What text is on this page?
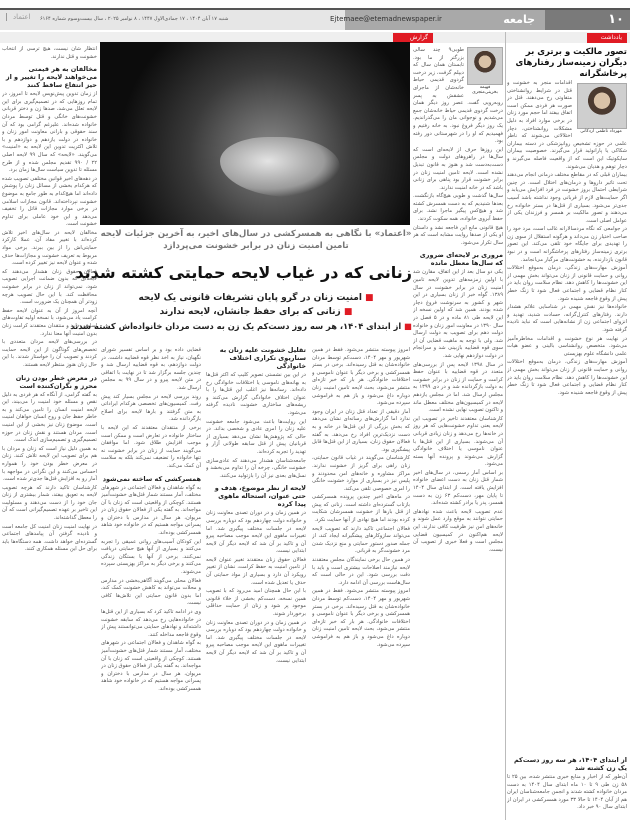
۱۰
جامعه
Ejtemaee@etemadnewspaper.ir
شنبه ۱۷ آبان ۱۴۰۴ ، ۱۷ جمادی‌الاول ۱۴۴۷ ، ۸ نوامبر ۲۰۲۵ ، سال بیست‌وسوم شماره ۶۱۶۴
اعتماد
یادداشت
گزارش
تصور مالکیت و برتری بر دیگران زمینه‌ساز رفتارهای پرخاشگرانه
مهرداد ناظمی اردکانی

اقدامات منجر به خشونت و قتل در شرایط روانشناختی متفاوتی رخ می‌دهند. قتل در صورت هر فردی ممکن است اتفاق بیفتد اما حجم مورد زنان در برخی موارد افراد به دلیل مشکلات روانشناختی، دچار اختلالاتی می‌شوند که ناظر علمی در حوزه تشخیص روانپزشکی در دسته بیماران شکاکی یا پارانوئید قرار می‌گیرند. خصوصیت بیماران سایکوتیک این است که از واقعیت فاصله می‌گیرند و دچار توهم و هذیان می‌شوند.

بیماران قبلی که در مقاطع مختلف درمانی انجام می‌دهند تحت تاثیر داروها و درمان‌های اختلال است. در چنین شرایطی احتمال بروز خشونت در فرد افزایش می‌یابد و اگر حمایت‌های لازم از قربانی وجود نداشته باشد آسیب جدی‌تر می‌شود. بسیاری از قتل‌ها در بستر خانواده رخ می‌دهند و تصور مالکیت بر همسر و فرزندان یکی از عوامل اصلی است.

در جوامعی که نگاه مردسالارانه غالب است، مرد خود را صاحب اختیار زن می‌داند و هرگونه استقلال از سوی زن را تهدیدی برای جایگاه خود تلقی می‌کند. این تصور برتری زمینه‌ساز رفتارهای پرخاشگرانه است و در نبود قانون بازدارنده، به خشونت‌های مرگبار می‌انجامد.

آموزش مهارت‌های زندگی، درمان به‌موقع اختلالات روانی و حمایت قانونی از زنان می‌تواند بخش مهمی از این خشونت‌ها را کاهش دهد. نظام سلامت روان باید در کنار نظام قضایی و اجتماعی فعال شود تا زنگ خطر پیش از وقوع فاجعه شنیده شود.

خانواده‌ها نیز نقش مهمی در شناسایی علائم هشدار دارند. رفتارهای کنترل‌گرانه، حسادت شدید، تهدید و انزوای اجتماعی زن از نشانه‌هایی است که نباید نادیده گرفته شود.

در نهایت هر نوع خشونت و اقدامات مخاطره‌آمیز می‌شود. متخصص روانشناسی بالینی و عضو هیات علمی دانشگاه علوم بهزیستی

آموزش مهارت‌های زندگی، درمان به‌موقع اختلالات روانی و حمایت قانونی از زنان می‌تواند بخش مهمی از این خشونت‌ها را کاهش دهد. نظام سلامت روان باید در کنار نظام قضایی و اجتماعی فعال شود تا زنگ خطر پیش از وقوع فاجعه شنیده شود.

از ابتدای ۱۴۰۴، هر سه روز دست‌کم یک زن کشته شد
آن‌طور که از اخبار و منابع خبری منتشر شده، بین ۲۵ تا ۵۸ زن طی ۹ تا ۱۰ ماه ابتدای سال ۱۴۰۴ به دست مردان خانواده کشته شدند و انجمن جامعه‌شناسان ایران هم از آبان ۱۴۰۴ تا حالا ۳۳ مورد همسرکشی در ایران از ابتدای سال ۹۰ خبر داد.
فهیمه بخرینی‌منجری

طوبی۹ چند سالی بزرگتر از ما بود. تابستان همان سال که دیپلم گرفت، زیر درخت گردوی قدیمی حیاط خانه‌شان از ماجرای عشقش به پسر روبه‌رویی گفت. عصر روز دیگر همان درخت گردوی قدیمی حیاط خانه‌شان جمع می‌شدیم و نوجوانی مان را می‌گذراندیم. یک روز دیگر فروغ نبود. به خانه رفتیم و فهمیدیم که او را در شهرستانی دور رفته بود.

این روزها حرف از لایحه‌ای است که سال‌ها در راهروهای دولت و مجلس دست‌به‌دست شد و هنوز به قانون تبدیل نشده است. لایحه تامین امنیت زنان در برابر خشونت قرار بود پناهی برای زنانی باشد که در خانه امنیت ندارند.

سال‌ها گذشت و طوبی هیچ‌گاه بازنگشت. بعدها شنیدیم که به دست همسرش کشته شد و هیچ‌کس پیگیر ماجرا نشد. برای حفظ آبروی خانواده، همه سکوت کردند.

هیچ قانونی مانع این فاجعه نشد و داستان او یکی از صدها روایت مشابه است که هر سال تکرار می‌شود.

مروری بر لایحه‌ای ضروری که سال‌ها معطل مانده

یکی دو سال بعد از این اتفاق، مقارن شد با اولین زمزمه‌های تدوین لایحه تامین امنیت زنان در برابر خشونت در سال ۱۳۸۹. گواه خبر از زنان بسیاری در این شهر و کشور به سرنوشت فروغ دچار شده بودند. همین شد که اولین نسخه از این لایحه طی ۸۱ ماده و در ۵ فصل در سال ۱۳۹۰ در معاونت امور زنان و خانواده دولت دهم برای تصویب به دولت ارسال شد. ولی با توجه به ماهیت قضایی آن از سوی قوه قضاییه بازبینی شد و سرانجام در دولت دوازدهم نهایی شد.

در سال ۱۳۹۸ لایحه پس از بررسی‌های متعدد در قوه قضاییه با عنوان حفظ کرامت و حمایت از زنان در برابر خشونت به دولت بازگردانده شد و در دی ۱۳۹۹ به مجلس ارسال شد. اما در مجلس یازدهم لایحه در کمیسیون‌های مختلف معطل ماند و تاکنون تصویب نهایی نشده است.

کارشناسان معتقدند تاخیر در تصویب این لایحه یعنی تداوم خشونت‌هایی که هر روز در خانه‌ها رخ می‌دهد و زنان زیادی قربانی آن می‌شوند. بسیاری از این قتل‌ها با عنوان ناموسی یا اختلاف خانوادگی گزارش می‌شوند و پرونده آنها بسته می‌شود.

بر اساس آمار رسمی، در سال‌های اخیر شمار قتل زنان به دست اعضای خانواده افزایش یافته است. از ابتدای سال ۱۴۰۴ تا پایان مهر، دست‌کم ۶۳ زن به دست همسر، پدر یا برادر کشته شده‌اند.

عدم تصویب لایحه باعث شده نهادهای حمایتی نتوانند به موقع وارد عمل شوند و خانه‌های امن نیز ظرفیت کافی ندارند. این لایحه هم‌اکنون در کمیسیون قضایی مجلس است و فعلا خبری از تصویب آن نیست.

«اعتماد» با نگاهی به همسرکشی در سال‌های اخیر، به آخرین جزئیات لایحه تامین امنیت زنان در برابر خشونت می‌پردازد
زنانی که در غیاب لایحه حمایتی کشته شدند
■ امنیت زنان در گرو پایان تشریفات قانونی یک لایحه
■ زنانی که برای حفظ جانشان، لایحه ندارند
■ از ابتدای ۱۴۰۴، هر سه روز دست‌کم یک زن به دست مردان خانواده‌اش کشته شدند

امروز پیوسته منتشر می‌شود. فقط در همین شهریور و مهر ۱۴۰۴، دست‌کم توسط مردان خانواده‌شان به قتل رسیده‌اند. برخی در بستر همسرکشی و برخی دیگر با عنوان ناموسی و اختلافات خانوادگی. هر بار که خبر تازه‌ای منتشر می‌شود، بحث لایحه تامین امنیت زنان دوباره داغ می‌شود و باز هم به فراموشی سپرده می‌شود.

آمار دقیقی از تعداد قتل زنان در ایران وجود ندارد اما گزارش‌های رسانه‌ای نشان می‌دهد که بخش بزرگی از این قتل‌ها در خانه و به دست نزدیک‌ترین افراد رخ می‌دهد. به گفته فعالان حقوق زنان، بسیاری از این قتل‌ها قابل پیشگیری بود.

کارشناسان می‌گویند در غیاب قانون حمایتی، زنان راهی برای گریز از خشونت ندارند. مراکز مشاوره و خانه‌های امن محدودند و پلیس نیز در بسیاری از موارد خشونت خانگی را امری خصوصی تلقی می‌کند.

در ماه‌های اخیر چندین پرونده همسرکشی بازتاب گسترده‌ای داشته است. زنانی که پیش از قتل بارها از خشونت همسرشان شکایت کرده بودند اما هیچ نهادی از آنها حمایت نکرد.

فعالان اجتماعی تاکید دارند که تصویب لایحه می‌تواند سازوکارهای پیشگیرانه ایجاد کند، از جمله صدور دستور حمایتی و منع نزدیک شدن مرد خشونت‌گر به قربانی.

در همین حال برخی نمایندگان مجلس معتقدند لایحه نیازمند اصلاحات بیشتری است و باید با دقت بررسی شود. این در حالی است که سال‌هاست بررسی آن ادامه دارد.

امروز پیوسته منتشر می‌شود. فقط در همین شهریور و مهر ۱۴۰۴، دست‌کم توسط مردان خانواده‌شان به قتل رسیده‌اند. برخی در بستر همسرکشی و برخی دیگر با عنوان ناموسی و اختلافات خانوادگی. هر بار که خبر تازه‌ای منتشر می‌شود، بحث لایحه تامین امنیت زنان دوباره داغ می‌شود و باز هم به فراموشی سپرده می‌شود.

تقلیل خشونت علیه زنان به سناریوی تکراری اختلاف خانوادگی

در این بین نشستی تصویر کلیپ که اکثر قتل‌ها به بهانه‌های ناموسی یا اختلافات خانوادگی رخ داده‌اند. رسانه‌ها نیز اغلب این قتل‌ها را با عنوان اختلاف خانوادگی گزارش می‌کنند و ریشه‌های ساختاری خشونت نادیده گرفته می‌شود.

این روایت‌ها باعث می‌شود جامعه خشونت علیه زنان را امری عادی و شخصی بداند. در حالی که پژوهش‌ها نشان می‌دهد بسیاری از قربانیان پیش از قتل سابقه طولانی آزار و تهدید را تجربه کرده‌اند.

جامعه‌شناسان هشدار می‌دهند که عادی‌سازی خشونت خانگی، چرخه آن را تداوم می‌بخشد و نسل‌های بعدی نیز آن را بازتولید می‌کنند.

لایحه از نظر موضوع، هدف و حتی عنوان، استحاله ماهوی پیدا کرده

در همین زمان و در دوران تصدی معاونت زنان و خانواده دولت چهاردهم بود که دوباره بررسی لایحه در جلسات مختلف پیگیری شد. اما تغییرات ماهوی این لایحه موجب مصاحبه پیرو آن و تاکید بر آن شد که لایحه دیگر آن لایحه ابتدایی نیست.

فعالان حقوق زنان معتقدند تغییر عنوان لایحه از تامین امنیت به حفظ کرامت، نشان از تغییر رویکرد آن دارد و بسیاری از مواد حمایتی آن حذف یا تعدیل شده است.

با این حال همچنان امید می‌رود که با تصویب همین نسخه، دست‌کم بخشی از خلاء قانونی موجود پر شود و زنان از حمایت حداقلی برخوردار شوند.

در همین زمان و در دوران تصدی معاونت زنان و خانواده دولت چهاردهم بود که دوباره بررسی لایحه در جلسات مختلف پیگیری شد. اما تغییرات ماهوی این لایحه موجب مصاحبه پیرو آن و تاکید بر آن شد که لایحه دیگر آن لایحه ابتدایی نیست.

قضایی داده بود و بر اساس تفسیر شورای نگهبان، نیاز به اخذ نظر قوه قضاییه داشت. در دولت دوازدهم، به قوه قضاییه ارسال شد و چندین جلسه برگزار شد تا در نهایت با اتفاقی در متن لایحه پیرو و در سال ۹۹ به مجلس ارسال شد.

روند بررسی لایحه در مجلس بسیار کند پیش رفت. کمیسیون‌های تخصصی هرکدام ایراداتی به متن گرفتند و بارها لایحه برای اصلاح بازگردانده شد.

برخی از منتقدان معتقدند که این لایحه با ساختار خانواده در تعارض است و ممکن است موجب افزایش طلاق شود. اما موافقان می‌گویند حمایت از زنان در برابر خشونت نه تنها خانواده را تضعیف نمی‌کند بلکه به سلامت آن کمک می‌کند.

همسرکشی که ساخته نمی‌شود

به گواه شاهدان و فعالان اجتماعی در شهرهای مختلف، آمار مستند شمار قتل‌های خشونت‌آمیز هستند. کوچکی از واقعیتی است که زنان با آن مواجه‌اند. به گفته یکی از فعالان حقوق زنان در مریوان، هر سال در مدارس با دختران و پسرانی مواجه هستیم که در خانواده خود شاهد همسرکشی بوده‌اند.

این کودکان آسیب‌های روانی عمیقی را تجربه می‌کنند و بسیاری از آنها هیچ حمایتی دریافت نمی‌کنند. برخی از آنها با بستگان زندگی می‌کنند و برخی دیگر به مراکز بهزیستی سپرده می‌شوند.

فعالان محلی می‌گویند آگاهی‌بخشی در مدارس و محلات می‌تواند به کاهش خشونت کمک کند، اما بدون قانون حمایتی این تلاش‌ها کافی نیست.

وی در ادامه تاکید کرد که بسیاری از این قتل‌ها در خانواده‌هایی رخ می‌دهد که سابقه خشونت داشته‌اند و نهادهای حمایتی می‌توانستند پیش از وقوع فاجعه مداخله کنند.

به گواه شاهدان و فعالان اجتماعی در شهرهای مختلف، آمار مستند شمار قتل‌های خشونت‌آمیز هستند. کوچکی از واقعیتی است که زنان با آن مواجه‌اند. به گفته یکی از فعالان حقوق زنان در مریوان، هر سال در مدارس با دختران و پسرانی مواجه هستیم که در خانواده خود شاهد همسرکشی بوده‌اند.

انتظار شان نیست، هیچ ترسی از انتخاب خشونت و قتل ندارند.
مخالفان به هر قیمتی می‌خواهند لایحه را تغییر و از حیز انتفاع ساقط کنند

از زمان تدوین پیش‌نویس لایحه تا امروز، در تمام روزهایی که در تصمیم‌گیری برای این لایحه تعلل می‌شد، صدها زن و دختر قربانی خشونت‌های خانگی و قتل توسط مردان خانواده شده‌اند. علیرغم گرامی بود که آن سند حقوقی و بارانی معاونت امور زنان و خانواده در دولت یازدهم و دوازدهم و با تلاش اکثریت تدوین این لایحه به «امنیت» می‌گویند. «لایحه» که سال ۹۹ لایحه اصلی ۲۲ / ۹۹۰ تقدیم مجلس شده و از طرح مسئله تا تدوین سیاست سال‌ها زمان برد.

در دهه‌های اخیر قوانین مختلفی تصویب شده که هرکدام بخشی از مسائل زنان را پوشش داده‌اند اما هیچ‌کدام به طور جامع به موضوع خشونت نپرداخته‌اند. قانون مجازات اسلامی در برخی موارد مجازات قاتل را تخفیف می‌دهد و این خود عاملی برای تداوم خشونت است.

مخالفان لایحه در سال‌های اخیر تلاش کرده‌اند با تغییر مفاد آن، عملا کارکرد حمایتی‌اش را از بین ببرند. برخی مواد مربوط به تعریف خشونت و مجازات‌ها حذف شده و عنوان لایحه نیز تغییر کرده است.

فعالان حقوق زنان هشدار می‌دهند که لایحه‌ای که بدون ضمانت اجرایی تصویب شود، نمی‌تواند از زنان در برابر خشونت محافظت کند. با این حال تصویب هرچه زودتر آن همچنان یک ضرورت است.

آنچه امروز از آن به عنوان لایحه حفظ کرامت یاد می‌شود، با نسخه اولیه تفاوت‌های اساسی دارد و منتقدان معتقدند کرامت زنان بدون امنیت آنها معنا ندارد.

در بررسی‌های لایحه مردان متعددی با تخصص‌های گوناگون از این لایحه حمایت کردند و تصویب آن را خواستار شدند. با این حال زنان هنوز منتظر لایحه هستند.

در معرض خطر بودن زنان محرز و نگران‌کننده است

به گفته گرامی، از آنگاه که هر فردی به دلیل نقص و مسئله خود امنیت را می‌بیند، این لایحه امنیت انسان را تامین می‌کند و به خاطر حفظ جان و روح انسان خواهان امنیت است. موضوع زنان نیز بخشی از این امنیت است. مردان هستند و نقش زنان در حوزه تصمیم‌گیری و تصمیم‌سازی اندک است.

به همین دلیل نیاز است که زنان و مردان با هم برای تصویب این لایحه تلاش کنند. زنان در معرض خطر بودن خود را همواره احساس می‌کنند و این نگرانی در مواجهه با آمار رو به افزایش قتل‌ها جدی‌تر شده است.

کارشناسان تاکید دارند که هرچه تصویب لایحه به تعویق بیفتد، شمار بیشتری از زنان جان خود را از دست می‌دهند و مسئولیت این تاخیر بر عهده تصمیم‌گیرانی است که آن را معطل گذاشته‌اند.

در نهایت امنیت زنان امنیت کل جامعه است و نادیده گرفتن آن پیامدهای اجتماعی گسترده‌ای خواهد داشت. همه دستگاه‌ها باید برای حل این مسئله همکاری کنند.
